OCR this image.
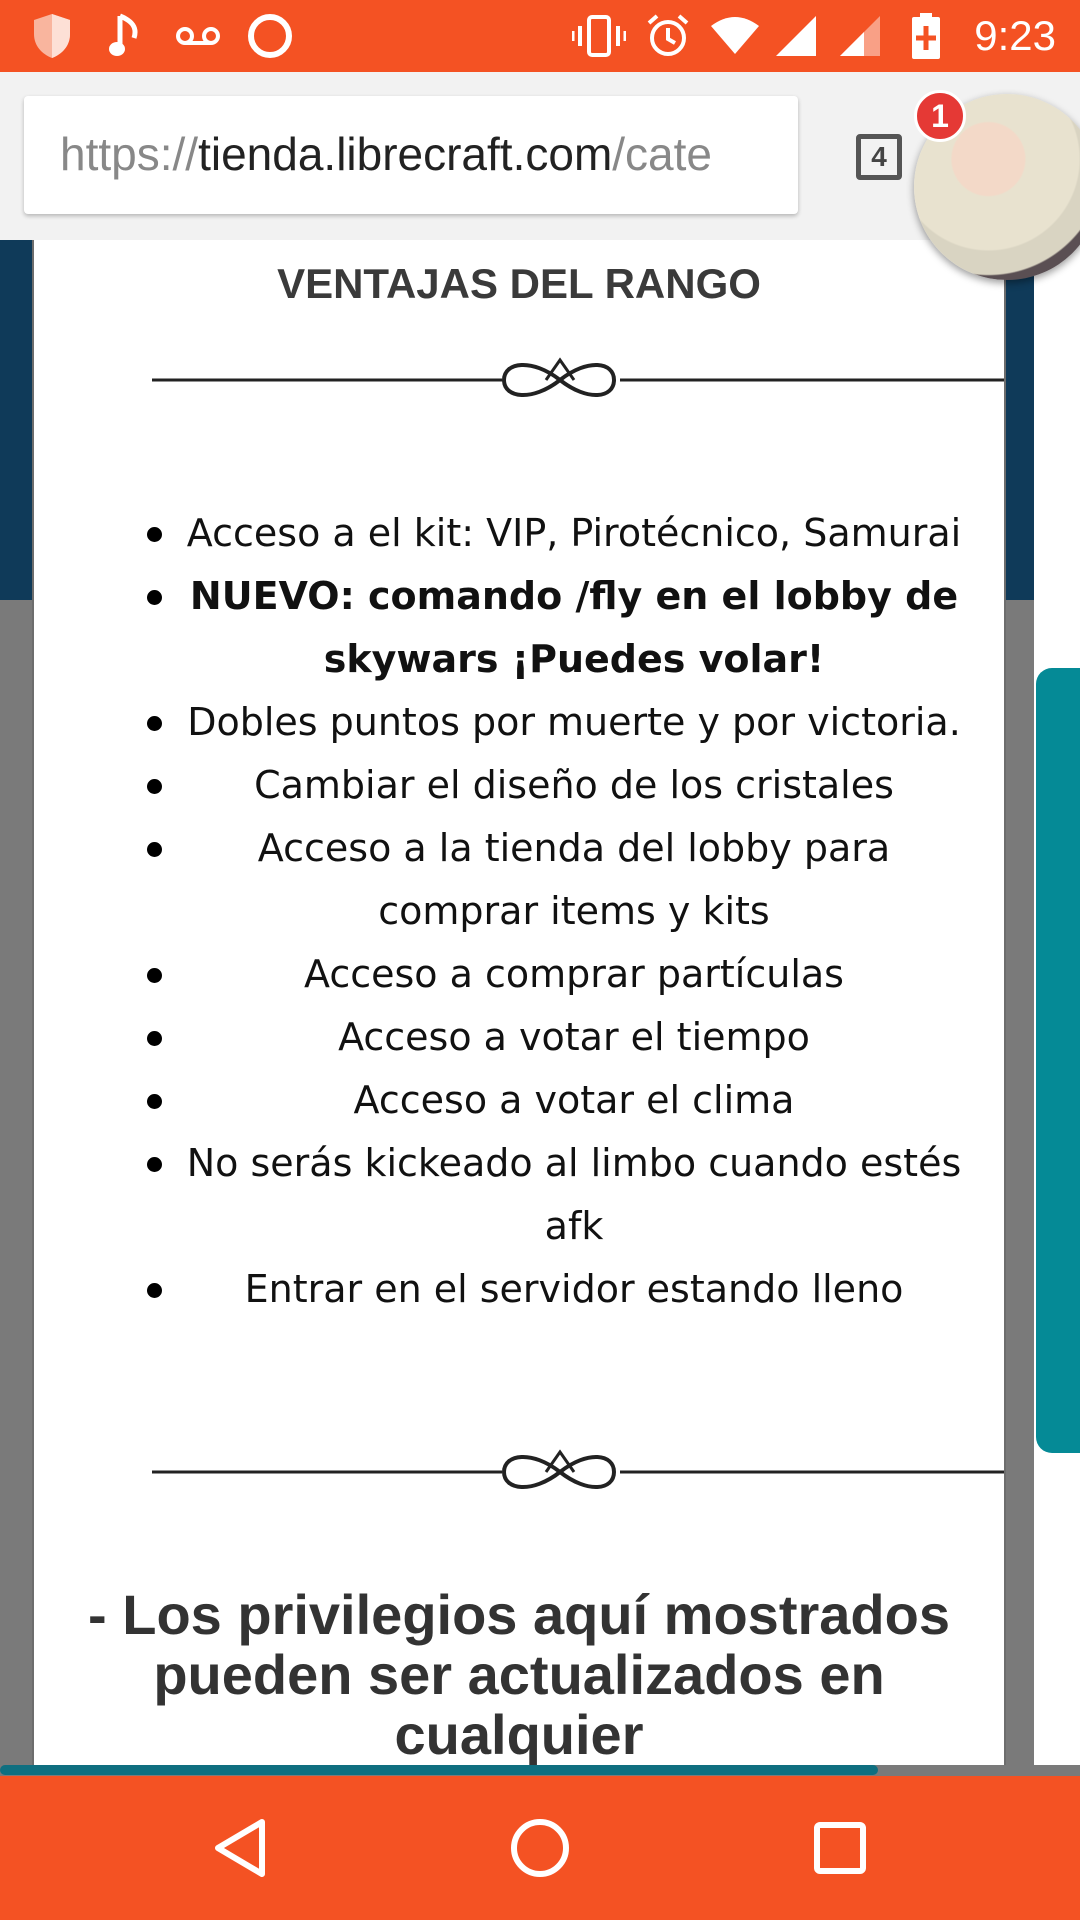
9:23
https://tienda.librecraft.com/cate	4
VENTAJAS DEL RANGO
Acceso a el kit: VIP, Pirotécnico, Samurai
NUEVO: comando /fly en el lobby de skywars ¡Puedes volar!
Dobles puntos por muerte y por victoria.
Cambiar el diseño de los cristales
Acceso a la tienda del lobby para comprar items y kits
Acceso a comprar partículas
Acceso a votar el tiempo
Acceso a votar el clima
No serás kickeado al limbo cuando estés afk
Entrar en el servidor estando lleno
- Los privilegios aquí mostrados pueden ser actualizados en cualquier
1
